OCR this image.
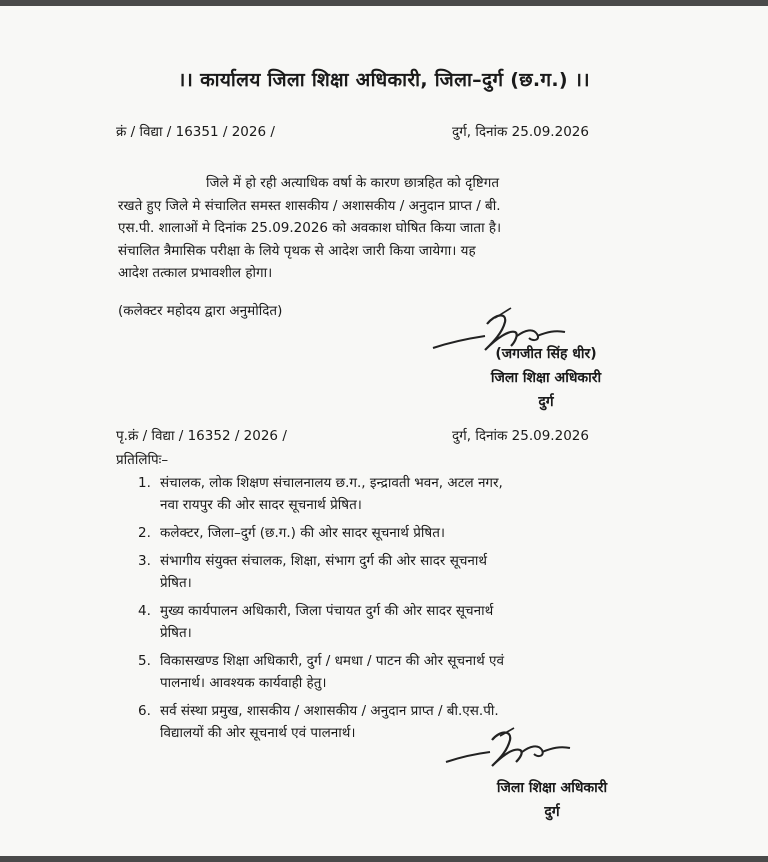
।। कार्यालय जिला शिक्षा अधिकारी, जिला–दुर्ग (छ.ग.) ।।
क्रं / विद्या / 16351 / 2026 /	दुर्ग, दिनांक 25.09.2026
जिले में हो रही अत्याधिक वर्षा के कारण छात्रहित को दृष्टिगत
रखते हुए जिले मे संचालित समस्त शासकीय / अशासकीय / अनुदान प्राप्त / बी.
एस.पी. शालाओं मे दिनांक 25.09.2026 को अवकाश घोषित किया जाता है।
संचालित त्रैमासिक परीक्षा के लिये पृथक से आदेश जारी किया जायेगा। यह
आदेश तत्काल प्रभावशील होगा।
(कलेक्टर महोदय द्वारा अनुमोदित)
(जगजीत सिंह धीर)
जिला शिक्षा अधिकारी
दुर्ग
पृ.क्रं / विद्या / 16352 / 2026 /	दुर्ग, दिनांक 25.09.2026
प्रतिलिपिः–
1. संचालक, लोक शिक्षण संचालनालय छ.ग., इन्द्रावती भवन, अटल नगर,
नवा रायपुर की ओर सादर सूचनार्थ प्रेषित।
2. कलेक्टर, जिला–दुर्ग (छ.ग.) की ओर सादर सूचनार्थ प्रेषित।
3. संभागीय संयुक्त संचालक, शिक्षा, संभाग दुर्ग की ओर सादर सूचनार्थ
प्रेषित।
4. मुख्य कार्यपालन अधिकारी, जिला पंचायत दुर्ग की ओर सादर सूचनार्थ
प्रेषित।
5. विकासखण्ड शिक्षा अधिकारी, दुर्ग / धमधा / पाटन की ओर सूचनार्थ एवं
पालनार्थ। आवश्यक कार्यवाही हेतु।
6. सर्व संस्था प्रमुख, शासकीय / अशासकीय / अनुदान प्राप्त / बी.एस.पी.
विद्यालयों की ओर सूचनार्थ एवं पालनार्थ।
जिला शिक्षा अधिकारी
दुर्ग
